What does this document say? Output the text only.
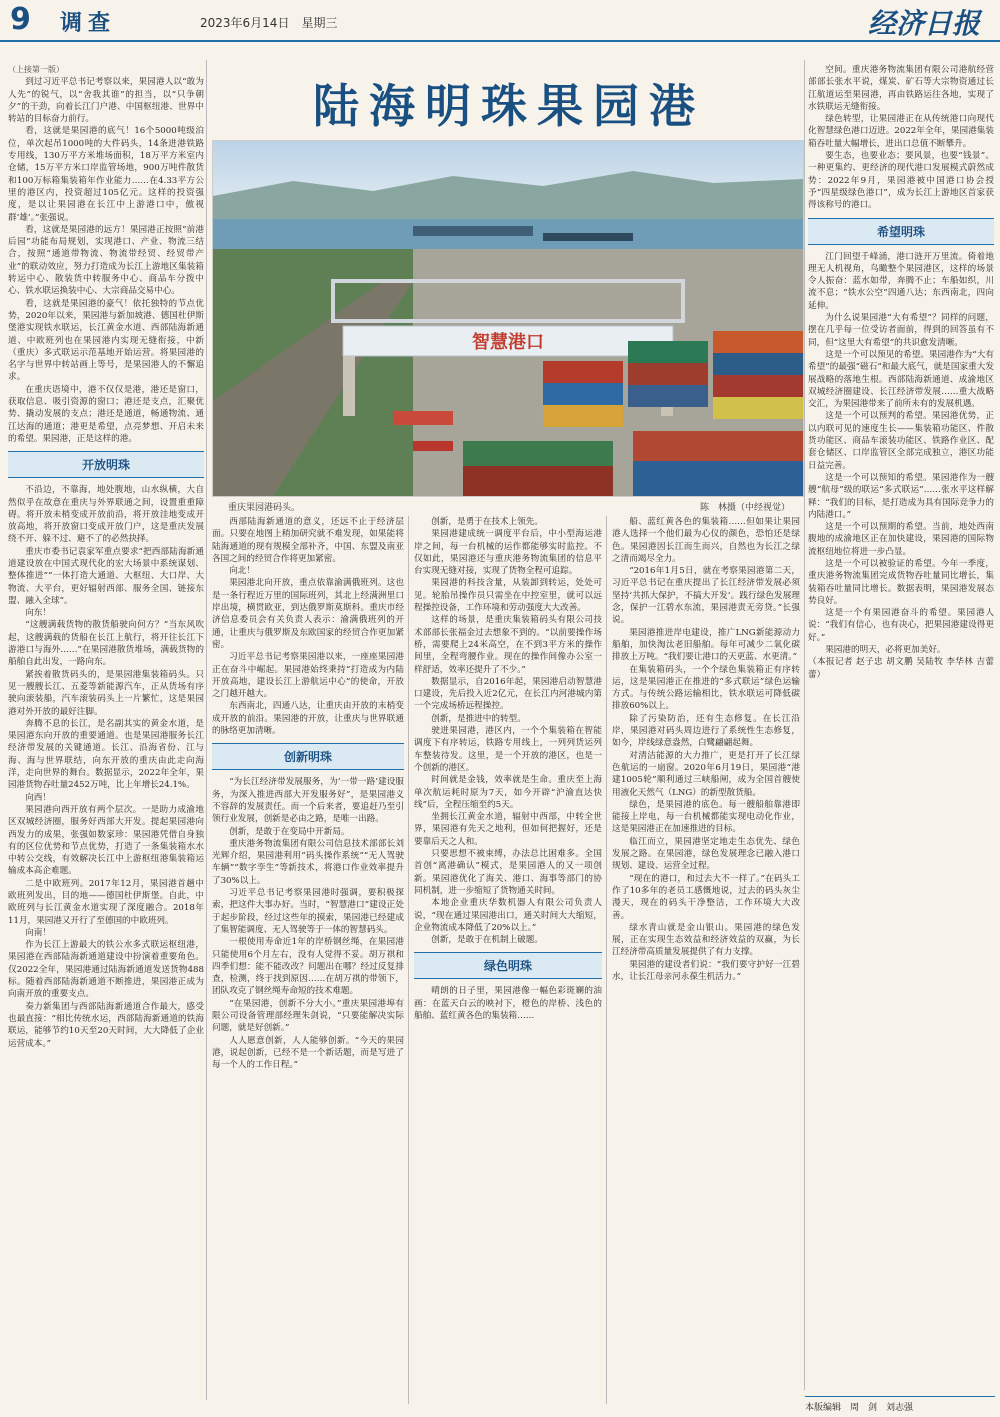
9 调查	2023年6月14日　星期三	经济日报

（上接第一版）

到过习近平总书记考察以来，果园港人以“敢为人先”的锐气，以“舍我其谁”的担当，以“只争朝夕”的干劲，向着长江门户港、中国枢纽港、世界中转站的目标奋力前行。

看，这就是果园港的底气！16个5000吨级泊位，单次起吊1000吨的大件码头，14条进港铁路专用线，130万平方米堆场面积，18万平方米室内仓储，15万平方米口岸监管场地，900万吨件散货和100万标箱集装箱年作业能力……在4.33平方公里的港区内，投资超过105亿元。这样的投资强度，是以让果园港在长江中上游港口中，傲视群‘雄’。”张强说。

看，这就是果园港的远方！果园港正按照“前港后园”功能布局规划，实现港口、产业、物流三结合，按照“通道带物流、物流带经贸、经贸带产业”的联动效应，努力打造成为长江上游地区集装箱转运中心、散装货中转服务中心、商品车分拨中心、铁水联运换装中心、大宗商品交易中心。

看，这就是果园港的豪气！依托独特的节点优势，2020年以来，果园港与新加坡港、德国杜伊斯堡港实现铁水联运，长江黄金水道、西部陆海新通道、中欧班列也在果园港内实现无缝衔接，中新（重庆）多式联运示范基地开始运营。将果园港的名字与世界中转站画上等号，是果园港人的不懈追求。

在重庆语境中，港不仅仅是港，港还是窗口，获取信息、吸引资源的窗口；港还是支点，汇聚优势、撬动发展的支点；港还是通道，畅通物流、通江达海的通道；港更是希望，点亮梦想、开启未来的希望。果园港，正是这样的港。

开放明珠

不沿边，不靠海，地处腹地，山水纵横，大自然似乎在故意在重庆与外界联通之间，设置重重障碍。将开放未梢变成开放前沿，将开放洼地变成开放高地，将开放窗口变成开放门户，这是重庆发展绕不开、躲不过、避不了的必然抉择。

重庆市委书记袁家军重点要求“把西部陆海新通道建设放在中国式现代化的宏大场景中系统谋划、整体推进”“一体打造大通道、大枢纽、大口岸、大物流、大平台，更好辐射西部、服务全国、链接东盟、融入全球”。

向东！

“这艘满载货物的散货船驶向何方？”当东风吹起，这艘满载的货船在长江上航行，将开往长江下游港口与海外……”在果园港散货堆场，满载货物的船舶自此出发，一路向东。

紧挨着散货码头的，是果园港集装箱码头。只见一艘艘长江、五菱等新能源汽车，正从货场有序驶向滚装船，汽车滚装码头上一片繁忙，这是果园港对外开放的最好注脚。

奔腾不息的长江，是名副其实的黄金水道，是果园港东向开放的重要通道。也是果园港服务长江经济带发展的关键通道。长江、沿海省份、江与海、海与世界联结，向东开放的重庆由此走向海洋，走向世界的舞台。数据显示，2022年全年，果园港货物吞吐量2452万吨，比上年增长24.1%。

向西！

果园港向西开放有两个层次。一是助力成渝地区双城经济圈，服务好西部大开发。提起果园港向西发力的成果，张强如数家珍：果园港凭借自身独有的区位优势和节点优势，打造了一条集装箱水水中转公交线，有效解决长江中上游枢纽港集装箱运输成本高企难题。

二是中欧班列。2017年12月，果园港首趟中欧班列发出，目的地——德国杜伊斯堡。自此，中欧班列与长江黄金水道实现了深度融合。2018年11月，果园港又开行了至德国的中欧班列。

向南！

作为长江上游最大的铁公水多式联运枢纽港，果园港在西部陆海新通道建设中扮演着重要角色。仅2022全年，果园港通过陆海新通道发送货物488标。随着西部陆海新通道不断推进，果园港正成为向南开放的重要支点。

奏力新集团与西部陆海新通道合作最大，感受也最直接：“相比传统水运，西部陆海新通道的铁海联运，能够节约10天至20天时间，大大降低了企业运营成本。”

陆海明珠果园港
智慧港口
重庆果园港码头。	陈　林摄（中经视觉）

西部陆海新通道的意义，还远不止于经济层面。只要在地图上稍加研究就不难发现，如果能将陆海通道的现有规模全部补齐，中国、东盟及南亚各国之间的经贸合作将更加紧密。

向北！

果园港北向开放，重点依靠渝满俄班列。这也是一条行程近万里的国际班列，其北上经满洲里口岸出境，横贯欧亚，到达俄罗斯莫斯科。重庆市经济信息委员会有关负责人表示：渝满俄班列的开通，让重庆与俄罗斯及东欧国家的经贸合作更加紧密。

习近平总书记考察果园港以来，一座座果园港正在奋斗中崛起。果园港始终秉持“打造成为内陆开放高地，建设长江上游航运中心”的使命，开放之门越开越大。

东西南北，四通八达，让重庆由开放的末梢变成开放的前沿。果园港的开放，让重庆与世界联通的脉络更加清晰。

创新明珠

“为长江经济带发展服务，为‘一带一路’建设服务，为深入推进西部大开发服务好”，是果园港义不容辞的发展责任。而一个后来者，要追赶乃至引领行业发展，创新是必由之路，是唯一出路。

创新，是敢于在变局中开新局。

重庆港务物流集团有限公司信息技术部部长刘光辉介绍，果园港利用“码头操作系统”“无人驾驶车辆”“数字孪生”等新技术，将港口作业效率提升了30%以上。

习近平总书记考察果园港时强调，要积极探索，把这件大事办好。当时，“智慧港口”建设正处于起步阶段，经过这些年的摸索，果园港已经建成了集智能调度、无人驾驶等于一体的智慧码头。

一根使用寿命近1年的岸桥钢丝绳，在果园港只能使用6个月左右，没有人觉得不妥。胡万祺和四季们想：能不能改改？问题出在哪？经过反复排查，检测，终于找到原因……在胡万祺的带领下，团队攻克了钢丝绳寿命短的技术难题。

“在果园港，创新不分大小。”重庆果园港埠有限公司设备管理部经理朱剑说，“只要能解决实际问题，就是好创新。”

人人愿意创新，人人能够创新。“今天的果园港，说起创新，已经不是一个新话题，而是写进了每一个人的工作日程。”

创新，是勇于在技术上领先。

果园港建成统一调度平台后，中小型海运港岸之间，每一台机械的运作都能够实时监控。不仅如此，果园港还与重庆港务物流集团的信息平台实现无缝对接，实现了货物全程可追踪。

果园港的科技含量，从装卸到转运，处处可见。轮胎吊操作员只需坐在中控室里，就可以远程操控设备，工作环境和劳动强度大大改善。

这样的场景，是重庆集装箱码头有限公司技术部部长张福金过去想象不到的。“以前要操作场桥，需要爬上24米高空，在不到3平方米的操作间里，全程弯腰作业。现在的操作间像办公室一样舒适，效率还提升了不少。”

数据显示，自2016年起，果园港启动智慧港口建设，先后投入近2亿元，在长江内河港城内第一个完成场桥远程操控。

创新，是推进中的转型。

驶进果园港，港区内，一个个集装箱在智能调度下有序转运，铁路专用线上，一列列货运列车整装待发。这里，是一个开放的港区，也是一个创新的港区。

时间就是金钱，效率就是生命。重庆至上海单次航运耗时原为7天，如今开辟“沪渝直达快线”后，全程压缩至约5天。

坐拥长江黄金水道，辐射中西部，中转全世界，果园港有先天之地利，但如何把握好，还是要靠后天之人和。

只要思想不被束缚，办法总比困难多。全国首创“离港确认”模式，是果园港人的又一项创新。果园港优化了海关、港口、海事等部门的协同机制，进一步缩短了货物通关时间。

本地企业重庆华数机器人有限公司负责人说，“现在通过果园港出口，通关时间大大缩短，企业物流成本降低了20%以上。”

创新，是敢于在机制上破题。

绿色明珠

晴朗的日子里，果园港像一幅色彩斑斓的油画：在蓝天白云的映衬下，橙色的岸桥、浅色的船舶、蓝红黄各色的集装箱……

船、蓝红黄各色的集装箱……但如果让果园港人选择一个他们最为心仪的颜色，恐怕还是绿色。果园港因长江而生而兴，自然也为长江之绿之清而竭尽全力。

“2016年1月5日，就在考察果园港第二天，习近平总书记在重庆提出了长江经济带发展必须坚持‘共抓大保护，不搞大开发’。践行绿色发展理念，保护一江碧水东流，果园港责无旁贷。”长强说。

果园港推进岸电建设，推广LNG新能源动力船舶，加快淘汰老旧船舶。每年可减少二氧化碳排放上万吨。“我们要让港口的天更蓝、水更清。”

在集装箱码头，一个个绿色集装箱正有序转运，这是果园港正在推进的“多式联运”绿色运输方式。与传统公路运输相比，铁水联运可降低碳排放60%以上。

除了污染防治，还有生态修复。在长江沿岸，果园港对码头周边进行了系统性生态修复，如今，岸线绿意盎然，白鹭翩翩起舞。

对清洁能源的大力推广，更是打开了长江绿色航运的一扇窗。2020年6月19日，果园港“港建1005轮”顺利通过三峡船闸，成为全国首艘使用液化天然气（LNG）的新型散货船。

绿色，是果园港的底色。每一艘船舶靠港即能接上岸电，每一台机械都能实现电动化作业，这是果园港正在加速推进的目标。

临江而立，果园港坚定地走生态优先、绿色发展之路。在果园港，绿色发展理念已融入港口规划、建设、运营全过程。

“现在的港口，和过去大不一样了。”在码头工作了10多年的老员工感慨地说，过去的码头灰尘漫天，现在的码头干净整洁，工作环境大大改善。

绿水青山就是金山银山。果园港的绿色发展，正在实现生态效益和经济效益的双赢，为长江经济带高质量发展提供了有力支撑。

果园港的建设者们说：“我们要守护好一江碧水，让长江母亲河永葆生机活力。”

空间。重庆港务物流集团有限公司港航经营部部长张水平说，煤炭、矿石等大宗物资通过长江航道运至果园港，再由铁路运往各地，实现了水铁联运无缝衔接。

绿色转型，让果园港正在从传统港口向现代化智慧绿色港口迈进。2022年全年，果园港集装箱吞吐量大幅增长，进出口总值不断攀升。

要生态，也要业态；要风景，也要“钱景”。一种更集约、更经济的现代港口发展模式蔚然成势：2022年9月，果园港被中国港口协会授予“四星级绿色港口”，成为长江上游地区首家获得该称号的港口。

希望明珠

江门回望千峰涌，港口涟开万里流。倚着地理无人机视角，鸟瞰整个果园港区，这样的场景令人振奋：蓝水如带，奔腾不止；车船如织，川流不息；“铁水公空”四通八达；东西南北，四向延伸。

为什么说果园港“大有希望”？同样的问题，摆在几乎每一位受访者面前，得到的回答虽有不同，但“这里大有希望”的共识愈发清晰。

这是一个可以预见的希望。果园港作为“大有希望”的最强“磁石”和最大底气，就是国家重大发展战略的落地生根。西部陆海新通道、成渝地区双城经济圈建设、长江经济带发展……重大战略交汇，为果园港带来了前所未有的发展机遇。

这是一个可以预判的希望。果园港优势，正以内联可见的速度生长——集装箱功能区、件散货功能区、商品车滚装功能区、铁路作业区、配套仓储区、口岸监管区全部完成独立，港区功能日益完善。

这是一个可以预知的希望。果园港作为一艘艘“航母”级的联运“多式联运”……张水平这样解释：“我们的目标，是打造成为具有国际竞争力的内陆港口。”

这是一个可以预期的希望。当前，地处西南腹地的成渝地区正在加快建设，果园港的国际物流枢纽地位将进一步凸显。

这是一个可以被验证的希望。今年一季度，重庆港务物流集团完成货物吞吐量同比增长，集装箱吞吐量同比增长。数据表明，果园港发展态势良好。

这是一个有果园港奋斗的希望。果园港人说：“我们有信心，也有决心，把果园港建设得更好。”

果园港的明天，必将更加美好。

（本报记者 赵子忠 胡文鹏 吴陆牧 李华林 吉蕾蕾）

本版编辑　周　剑　刘志强
